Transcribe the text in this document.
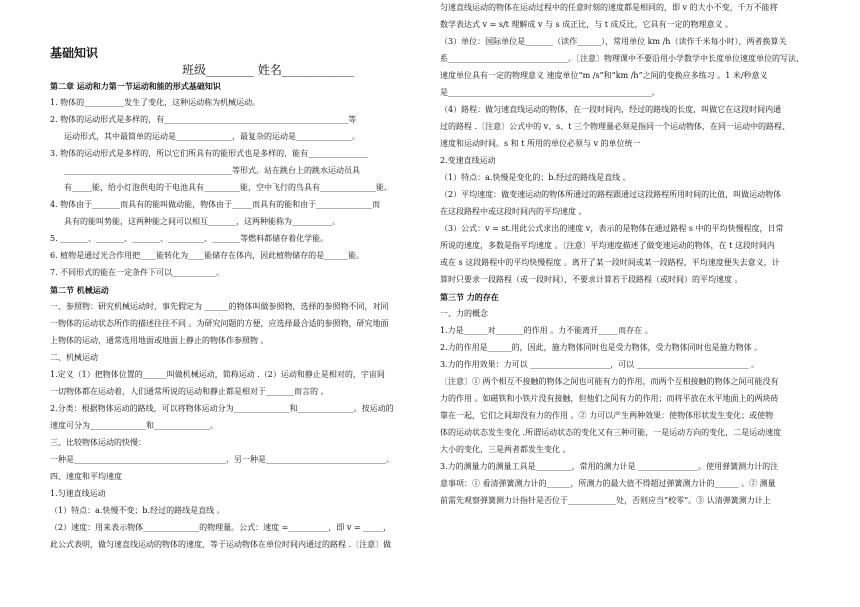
基础知识
班级________ 姓名____________
第二章 运动和力第一节运动和能的形式基础知识
1. 物体的__________发生了变化，这种运动称为机械运动。
2. 物体的运动形式是多样的，有______________________________________________等
运动形式，其中最简单的运动是______________，最复杂的运动是______________。
3. 物体的运动形式是多样的，所以它们所具有的能形式也是多样的，能有_______________
__________________________________________等形式。站在跳台上的跳水运动员具
有_____能，给小灯泡供电的干电池具有_________能，空中飞行的鸟具有______________能。
4. 物体由于_______而具有的能叫做动能，物体由于_____而具有的能和由于______________而
具有的能叫势能，这两种能之间可以相互_______，这两种能称为__________。
5. _______、_______、_______、_________、_______等燃料都储存着化学能。
6. 植物是通过光合作用把____能转化为____能储存在体内，因此植物储存的是______能。
7. 不同形式的能在一定条件下可以___________。
第二节 机械运动
一、参照物：研究机械运动时，事先假定为 ______的物体叫做参照物，选择的参照物不同，对同
一物体的运动状态所作的描述往往不同 。为研究问题的方便，应选择最合适的参照物，研究地面
上物体的运动，通常选用地面或地面上静止的物体作参照物 。
二、机械运动
1.定义（1）把物体位置的______叫做机械运动，简称运动 .（2）运动和静止是相对的，宇宙间
一切物体都在运动着，人们通常所说的运动和静止都是相对于_______而言的 。
2.分类：根据物体运动的路线，可以将物体运动分为______________和______________。按运动的
速度可分为______________和______________。
三、比较物体运动的快慢：
一种是______________________________________，另一种是______________________________。
四、速度和平均速度
1.匀速直线运动
（1）特点：a.快慢不变；b.经过的路线是直线 。
（2）速度：用来表示物体______________的物理量。公式：速度 =__________，即 v = _____，
此公式表明，做匀速直线运动的物体的速度，等于运动物体在单位时间内通过的路程 .〔注意〕做
匀速直线运动的物体在运动过程中的任意时刻的速度都是相同的，即 v 的大小不变，千万不能将
数学表达式 v = s/t 理解成 v 与 s 成正比，与 t 成反比，它具有一定的物理意义 。
（3）单位：国际单位是_______（读作______），常用单位 km /h（读作千米每小时），两者换算关
系______________________________。〔注意〕物理课中不要沿用小学数学中长度单位速度单位的写法，
速度单位具有一定的物理意义 速度单位“m /s”和“km /h”之间的变换应多练习 。1 米/秒意义
是___________________________________________________。
（4）路程：做匀速直线运动的物体，在一段时间内，经过的路线的长度，叫做它在这段时间内通
过的路程 .〔注意〕公式中的 v、s、t 三个物理量必须是指同一个运动物体，在同一运动中的路程、
速度和运动时间。s 和 t 所用的单位必须与 v 的单位统一
2.变速直线运动
（1）特点：a.快慢是变化的；b.经过的路线是直线 。
（2）平均速度：做变速运动的物体所通过的路程跟通过这段路程所用时间的比值，叫做运动物体
在这段路程中或这段时间内的平均速度 。
（3）公式：v = st.用此公式求出的速度 v，表示的是物体在通过路程 s 中的平均快慢程度，日常
所说的速度，多数是指平均速度 。〔注意〕平均速度描述了做变速运动的物体，在 t 这段时间内
或在 s 这段路程中的平均快慢程度 。离开了某一段时间或某一段路程，平均速度便失去意义，计
算时只要求一段路程（或一段时间），不要求计算若干段路程（或时间）的平均速度 。
第三节 力的存在
一、力的概念
1.力是______对_______的作用 。力不能离开_____而存在 。
2.力的作用是______的，因此，施力物体同时也是受力物体，受力物体同时也是施力物体 。
3.力的作用效果：力可以 ____________________，可以 ____________________________ 。
〔注意〕① 两个相互不接触的物体之间也可能有力的作用，而两个互相接触的物体之间可能没有
力的作用 。如磁铁和小铁片没有接触，但他们之间有力的作用；而将平放在水平地面上的两块砖
靠在一起，它们之间却没有力的作用 。② 力可以产生两种效果：使物体形状发生变化；或使物
体的运动状态发生变化 .所谓运动状态的变化又有三种可能，一是运动方向的变化，二是运动速度
大小的变化，三是两者都发生变化 。
3.力的测量力的测量工具是_________，常用的测力计是 _______________。使用弹簧测力计的注
意事项：① 看清弹簧测力计的______，所测力的最大值不得超过弹簧测力计的______ 。② 测量
前需先观察弹簧测力计指针是否位于____________处，否则应当“校零”。③ 认清弹簧测力计上
